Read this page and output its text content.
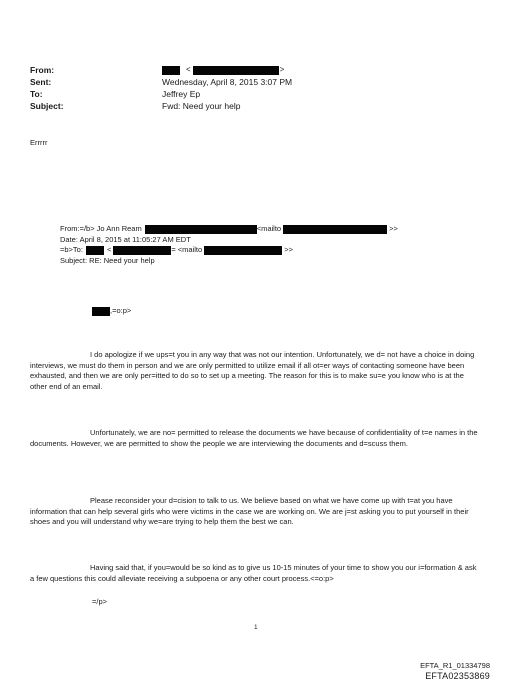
From:	<	>
Sent:	Wednesday, April 8, 2015 3:07 PM
To:	Jeffrey Ep
Subject:	Fwd: Need your help
Errrrr
From:=/b> Jo Ann Ream	<mailto	>>
Date: April 8, 2015 at 11:05:27 AM EDT
=b>To:	<	= <mailto	>>
Subject: RE: Need your help
,=o:p>
I do apologize if we ups=t you in any way that was not our intention. Unfortunately, we d= not have a choice in doing interviews, we must do them in person and we are only permitted to utilize email if all ot=er ways of contacting someone have been exhausted, and then we are only per=itted to do so to set up a meeting. The reason for this is to make su=e you know who is at the other end of an email.
Unfortunately, we are no= permitted to release the documents we have because of confidentiality of t=e names in the documents. However, we are permitted to show the people we are interviewing the documents and d=scuss them.
Please reconsider your d=cision to talk to us. We believe based on what we have come up with t=at you have information that can help several girls who were victims in the case we are working on. We are j=st asking you to put yourself in their shoes and you will understand why we=are trying to help them the best we can.
Having said that, if you=would be so kind as to give us 10-15 minutes of your time to show you our i=formation & ask a few questions this could alleviate receiving a subpoena or any other court process.<=o:p>
=/p>
1
EFTA_R1_01334798
EFTA02353869
